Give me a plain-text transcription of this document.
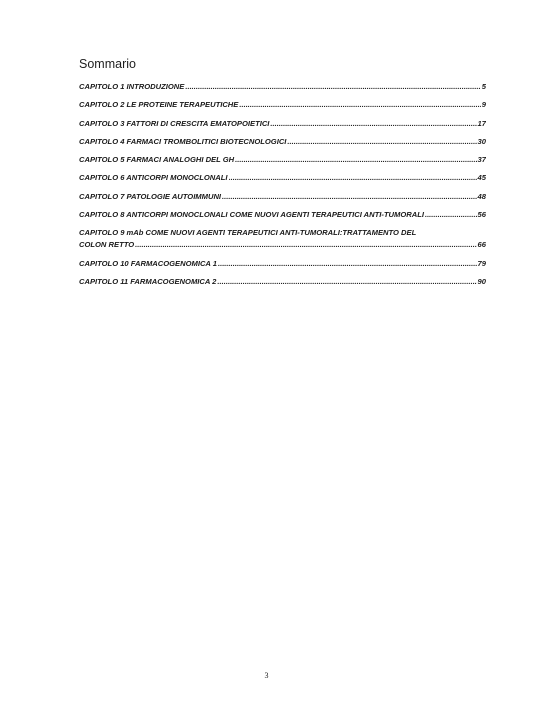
Sommario
CAPITOLO 1 INTRODUZIONE .....	5
CAPITOLO 2 LE PROTEINE TERAPEUTICHE .....	9
CAPITOLO 3 FATTORI DI CRESCITA EMATOPOIETICI .....	17
CAPITOLO 4 FARMACI TROMBOLITICI BIOTECNOLOGICI .....	30
CAPITOLO 5 FARMACI ANALOGHI DEL GH .....	37
CAPITOLO 6 ANTICORPI MONOCLONALI .....	45
CAPITOLO 7 PATOLOGIE AUTOIMMUNI .....	48
CAPITOLO 8 ANTICORPI MONOCLONALI COME NUOVI AGENTI TERAPEUTICI ANTI-TUMORALI .....	56
CAPITOLO 9 mAb COME NUOVI AGENTI TERAPEUTICI ANTI-TUMORALI:TRATTAMENTO DEL
COLON RETTO .....	66
CAPITOLO 10 FARMACOGENOMICA 1 .....	79
CAPITOLO 11 FARMACOGENOMICA 2 .....	90
3
